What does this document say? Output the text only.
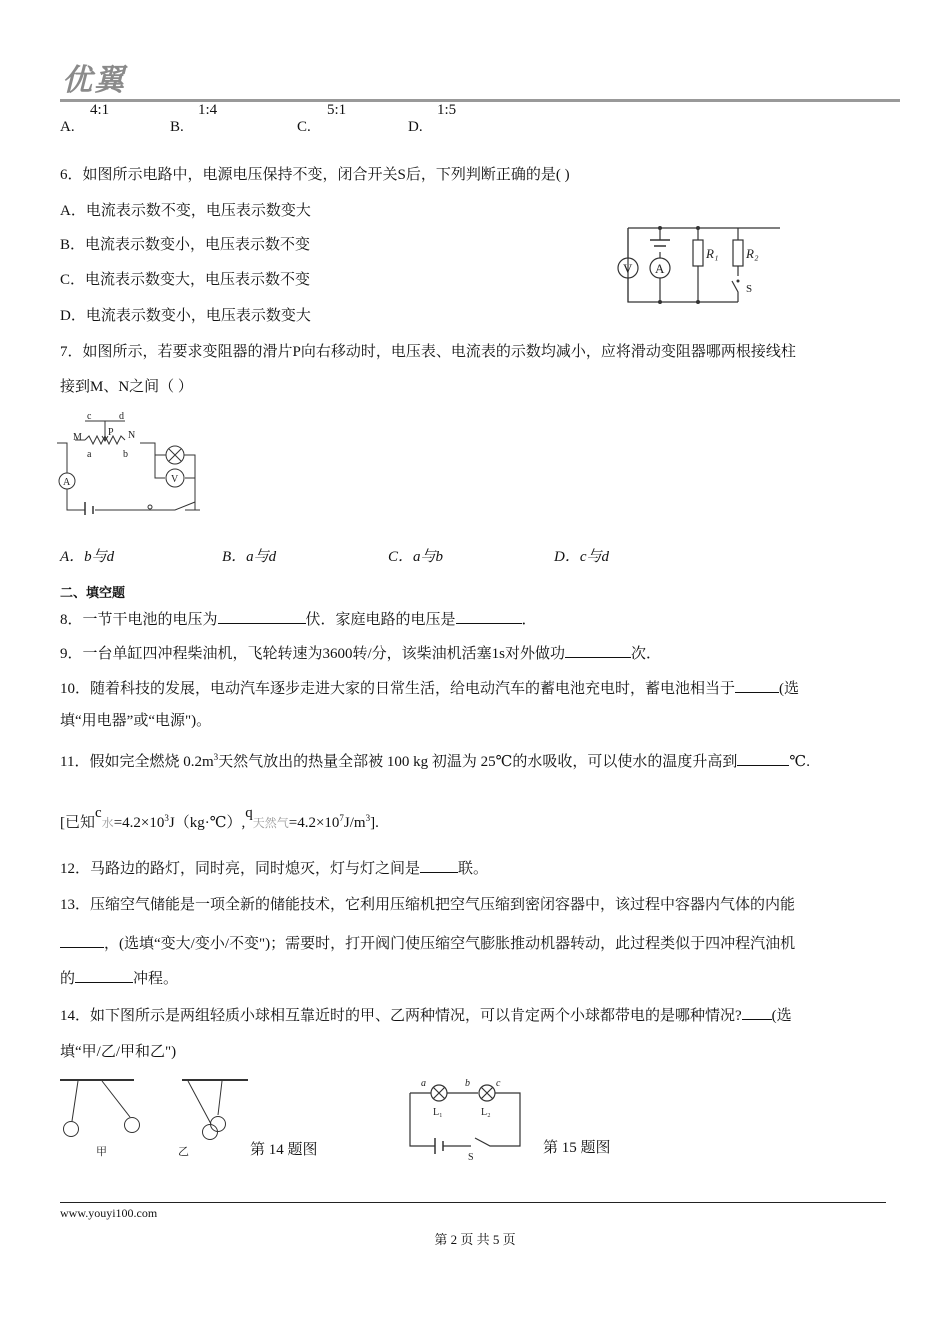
优翼
A.
4:1
B.
1:4
C.
5:1
D.
1:5
6．如图所示电路中，电源电压保持不变，闭合开关S后，下列判断正确的是( )
A．电流表示数不变，电压表示数变大
B．电流表示数变小，电压表示数不变
C．电流表示数变大，电压表示数不变
D．电流表示数变小，电压表示数变大
V A
R₁ R₂
S
7．如图所示，若要求变阻器的滑片P向右移动时，电压表、电流表的示数均减小，应将滑动变阻器哪两根接线柱
接到M、N之间（ ）
c	d
M	P N
a	b
A	V
A．b与d	B．a与d	C．a与b	D．c与d
二、填空题
8．一节干电池的电压为	伏．家庭电路的电压是	．
9．一台单缸四冲程柴油机，飞轮转速为3600转/分，该柴油机活塞1s对外做功	次．
10．随着科技的发展，电动汽车逐步走进大家的日常生活，给电动汽车的蓄电池充电时，蓄电池相当于	(选
填“用电器”或“电源")。
11．假如完全燃烧 $0.2m^3$天然气放出的热量全部被 100 kg 初温为 25℃的水吸收，可以使水的温度升高到	℃.
[已知c水$=4.2\times 10^3J(kg\cdot℃),q$天然气$=4.2\times 10^7J/m^3$].
12．马路边的路灯，同时亮，同时熄灭，灯与灯之间是	联。
13．压缩空气储能是一项全新的储能技术，它利用压缩机把空气压缩到密闭容器中，该过程中容器内气体的内能
，(选填“变大/变小/不变")；需要时，打开阀门使压缩空气膨胀推动机器转动，此过程类似于四冲程汽油机
的	冲程。
14．如下图所示是两组轻质小球相互靠近时的甲、乙两种情况，可以肯定两个小球都带电的是哪种情况? (选
填“甲/乙/甲和乙")
甲	乙	第 14 题图
a	b	c
L₁	L₂
S
第 15 题图
www.youyi100.com
第 2 页 共 5 页
